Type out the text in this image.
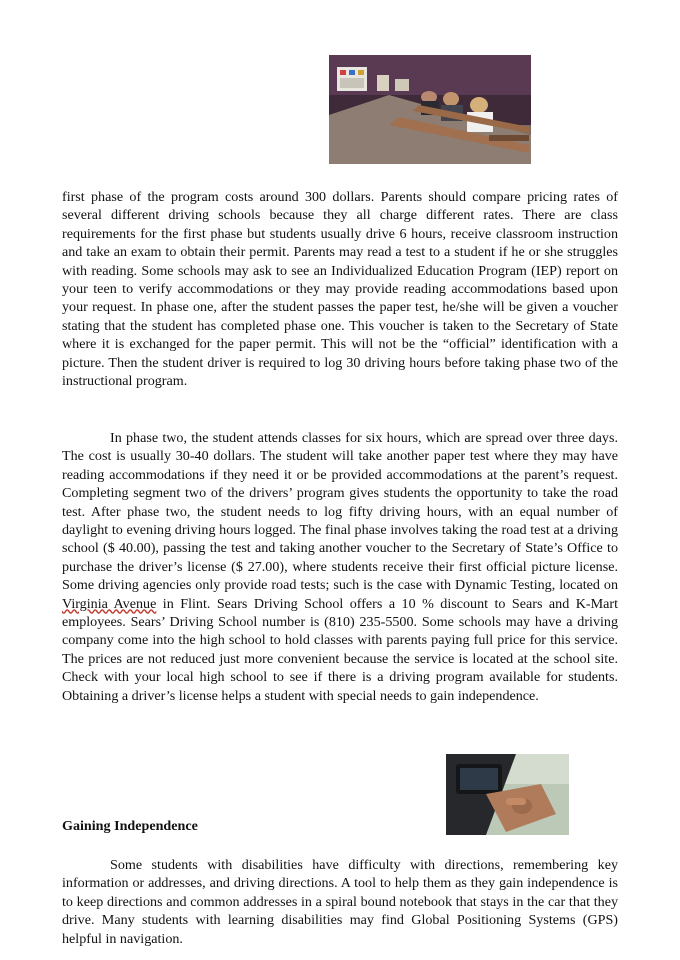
first phase of the program costs around 300 dollars. Parents should compare pricing rates of several different driving schools because they all charge different rates. There are class requirements for the first phase but students usually drive 6 hours, receive classroom instruction and take an exam to obtain their permit. Parents may read a test to a student if he or she struggles with reading. Some schools may ask to see an Individualized Education Program (IEP) report on your teen to verify accommodations or they may provide reading accommodations based upon your request. In phase one, after the student passes the paper test, he/she will be given a voucher stating that the student has completed phase one. This voucher is taken to the Secretary of State where it is exchanged for the paper permit. This will not be the “official” identification with a picture. Then the student driver is required to log 30 driving hours before taking phase two of the instructional program.

In phase two, the student attends classes for six hours, which are spread over three days. The cost is usually 30-40 dollars. The student will take another paper test where they may have reading accommodations if they need it or be provided accommodations at the parent’s request. Completing segment two of the drivers’ program gives students the opportunity to take the road test. After phase two, the student needs to log fifty driving hours, with an equal number of daylight to evening driving hours logged. The final phase involves taking the road test at a driving school ($ 40.00), passing the test and taking another voucher to the Secretary of State’s Office to purchase the driver’s license ($ 27.00), where students receive their first official picture license. Some driving agencies only provide road tests; such is the case with Dynamic Testing, located on Virginia Avenue in Flint. Sears Driving School offers a 10 % discount to Sears and K-Mart employees. Sears’ Driving School number is (810) 235-5500. Some schools may have a driving company come into the high school to hold classes with parents paying full price for this service. The prices are not reduced just more convenient because the service is located at the school site. Check with your local high school to see if there is a driving program available for students. Obtaining a driver’s license helps a student with special needs to gain independence.

Gaining Independence

Some students with disabilities have difficulty with directions, remembering key information or addresses, and driving directions. A tool to help them as they gain independence is to keep directions and common addresses in a spiral bound notebook that stays in the car that they drive. Many students with learning disabilities may find Global Positioning Systems (GPS) helpful in navigation.
